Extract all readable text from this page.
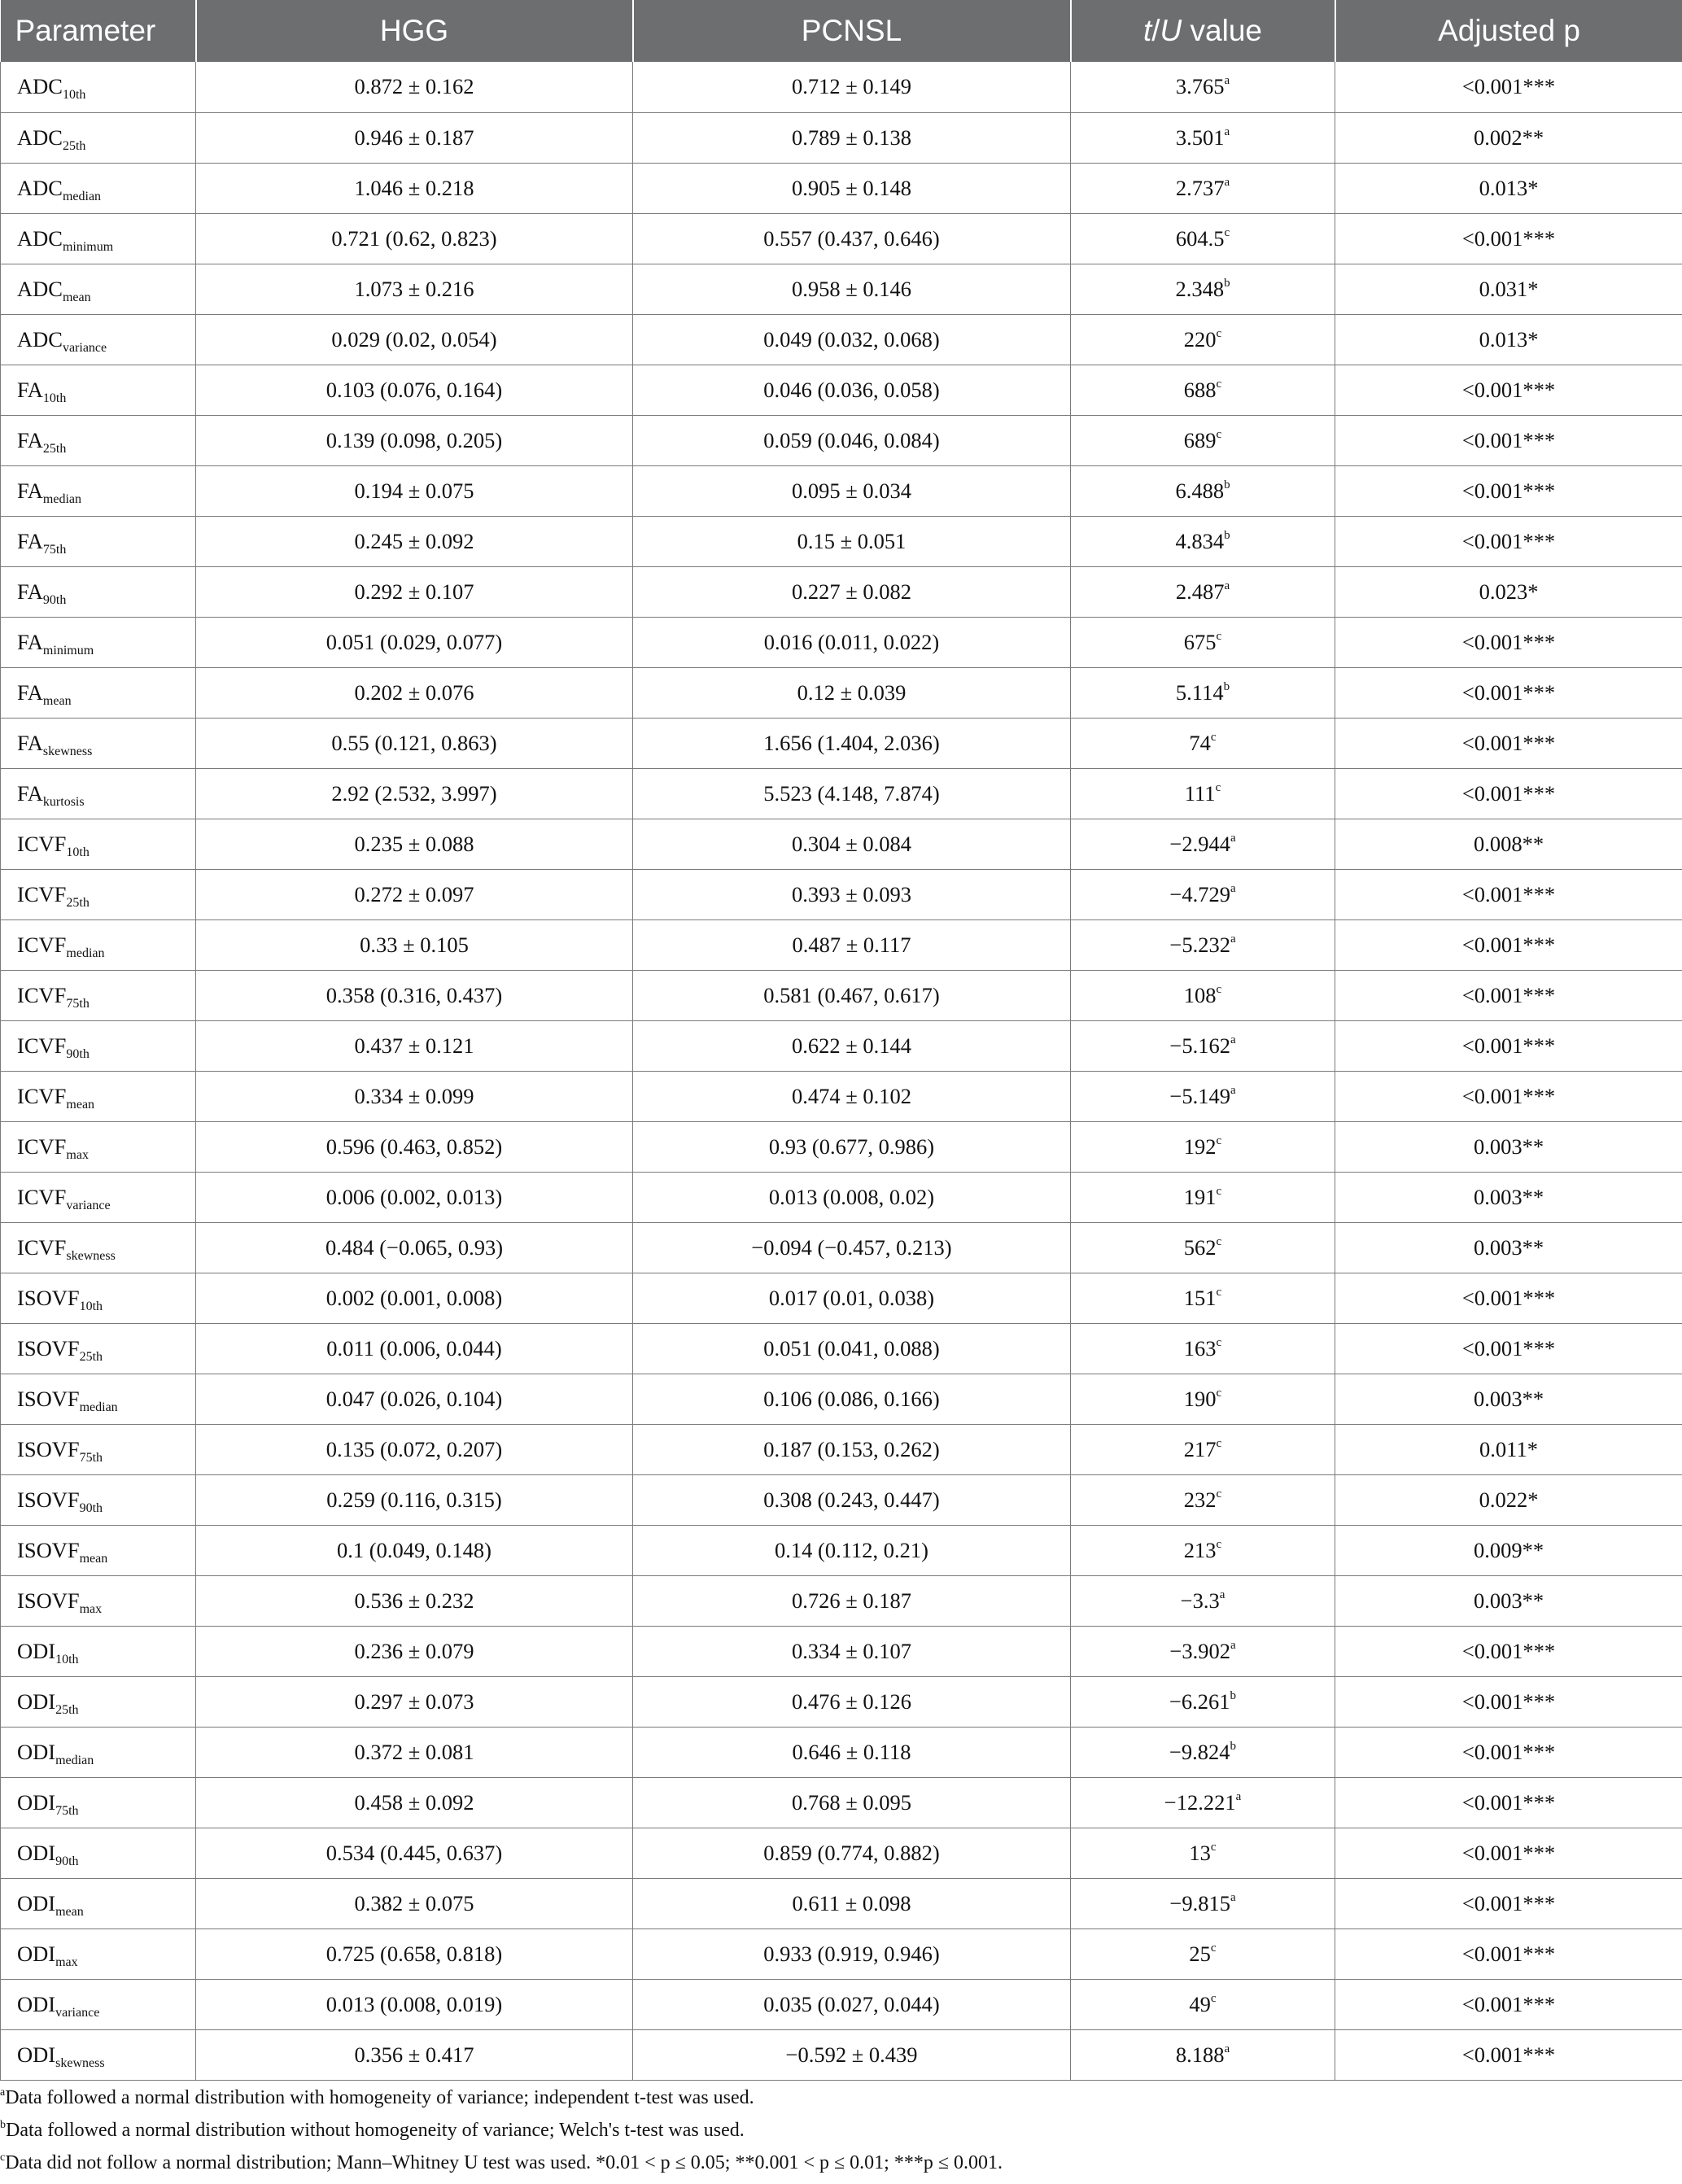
Parameter	HGG	PCNSL	t/U value	Adjusted p
$ADC_{10th}$	0.872 ± 0.162	0.712 ± 0.149	3.765$^a$	<0.001***
$ADC_{25th}$	0.946 ± 0.187	0.789 ± 0.138	3.501$^a$	0.002**
$ADC_{median}$	1.046 ± 0.218	0.905 ± 0.148	2.737$^a$	0.013*
$ADC_{minimum}$	0.721 (0.62, 0.823)	0.557 (0.437, 0.646)	604.5$^c$	<0.001***
$ADC_{mean}$	1.073 ± 0.216	0.958 ± 0.146	2.348$^b$	0.031*
$ADC_{variance}$	0.029 (0.02, 0.054)	0.049 (0.032, 0.068)	220$^c$	0.013*
$FA_{10th}$	0.103 (0.076, 0.164)	0.046 (0.036, 0.058)	$688^c$	<0.001***
$FA_{25th}$	0.139 (0.098, 0.205)	0.059 (0.046, 0.084)	$689^c$	<0.001***
$FA_{median}$	0.194 ± 0.075	0.095 ± 0.034	6.488$^b$	<0.001***
$FA_{75th}$	0.245 ± 0.092	0.15 ± 0.051	4.834$^b$	<0.001***
$FA_{90th}$	0.292 ± 0.107	0.227 ± 0.082	2.487$^a$	0.023*
$FA_{minimum}$	0.051 (0.029, 0.077)	0.016 (0.011, 0.022)	$675^c$	<0.001***
$FA_{mean}$	0.202 ± 0.076	0.12 ± 0.039	5.114$^b$	<0.001***
$FA_{skewness}$	0.55 (0.121, 0.863)	1.656 (1.404, 2.036)	$74^c$	<0.001***
$FA_{kurtosis}$	2.92 (2.532, 3.997)	5.523 (4.148, 7.874)	$111^c$	<0.001***
$ICVF_{10th}$	0.235 ± 0.088	0.304 ± 0.084	−2.944$^a$	0.008**
$ICVF_{25th}$	0.272 ± 0.097	0.393 ± 0.093	−4.729$^a$	<0.001***
$ICVF_{median}$	0.33 ± 0.105	0.487 ± 0.117	−5.232$^a$	<0.001***
$ICVF_{75th}$	0.358 (0.316, 0.437)	0.581 (0.467, 0.617)	$108^c$	<0.001***
$ICVF_{90th}$	0.437 ± 0.121	0.622 ± 0.144	−5.162$^a$	<0.001***
$ICVF_{mean}$	0.334 ± 0.099	0.474 ± 0.102	−5.149$^a$	<0.001***
$ICVF_{max}$	0.596 (0.463, 0.852)	0.93 (0.677, 0.986)	192$^c$	0.003**
$ICVF_{variance}$	0.006 (0.002, 0.013)	0.013 (0.008, 0.02)	191$^c$	0.003**
$ICVF_{skewness}$	0.484 (−0.065, 0.93)	−0.094 (−0.457, 0.213)	562$^c$	0.003**
$ISOVF_{10th}$	0.002 (0.001, 0.008)	0.017 (0.01, 0.038)	$151^c$	<0.001***
$ISOVF_{25th}$	0.011 (0.006, 0.044)	0.051 (0.041, 0.088)	$163^c$	<0.001***
$ISOVF_{median}$	0.047 (0.026, 0.104)	0.106 (0.086, 0.166)	190$^c$	0.003**
$ISOVF_{75th}$	0.135 (0.072, 0.207)	0.187 (0.153, 0.262)	217$^c$	0.011*
$ISOVF_{90th}$	0.259 (0.116, 0.315)	0.308 (0.243, 0.447)	232$^c$	0.022*
$ISOVF_{mean}$	0.1 (0.049, 0.148)	0.14 (0.112, 0.21)	213$^c$	0.009**
$ISOVF_{max}$	0.536 ± 0.232	0.726 ± 0.187	−3.3$^a$	0.003**
$ODI_{10th}$	0.236 ± 0.079	0.334 ± 0.107	−3.902$^a$	<0.001***
$ODI_{25th}$	0.297 ± 0.073	0.476 ± 0.126	−6.261$^b$	<0.001***
$ODI_{median}$	0.372 ± 0.081	0.646 ± 0.118	−9.824$^b$	<0.001***
$ODI_{75th}$	0.458 ± 0.092	0.768 ± 0.095	−12.221$^a$	<0.001***
$ODI_{90th}$	0.534 (0.445, 0.637)	0.859 (0.774, 0.882)	$13^c$	<0.001***
$ODI_{mean}$	0.382 ± 0.075	0.611 ± 0.098	−9.815$^a$	<0.001***
$ODI_{max}$	0.725 (0.658, 0.818)	0.933 (0.919, 0.946)	$25^c$	<0.001***
$ODI_{variance}$	0.013 (0.008, 0.019)	0.035 (0.027, 0.044)	$49^c$	<0.001***
$ODI_{skewness}$	0.356 ± 0.417	−0.592 ± 0.439	8.188$^a$	<0.001***
$^a$Data followed a normal distribution with homogeneity of variance; independent t-test was used.
$^b$Data followed a normal distribution without homogeneity of variance; Welch's t-test was used.
$^c$Data did not follow a normal distribution; Mann–Whitney U test was used. *0.01 < p ≤ 0.05; **0.001 < p ≤ 0.01; ***p ≤ 0.001.
